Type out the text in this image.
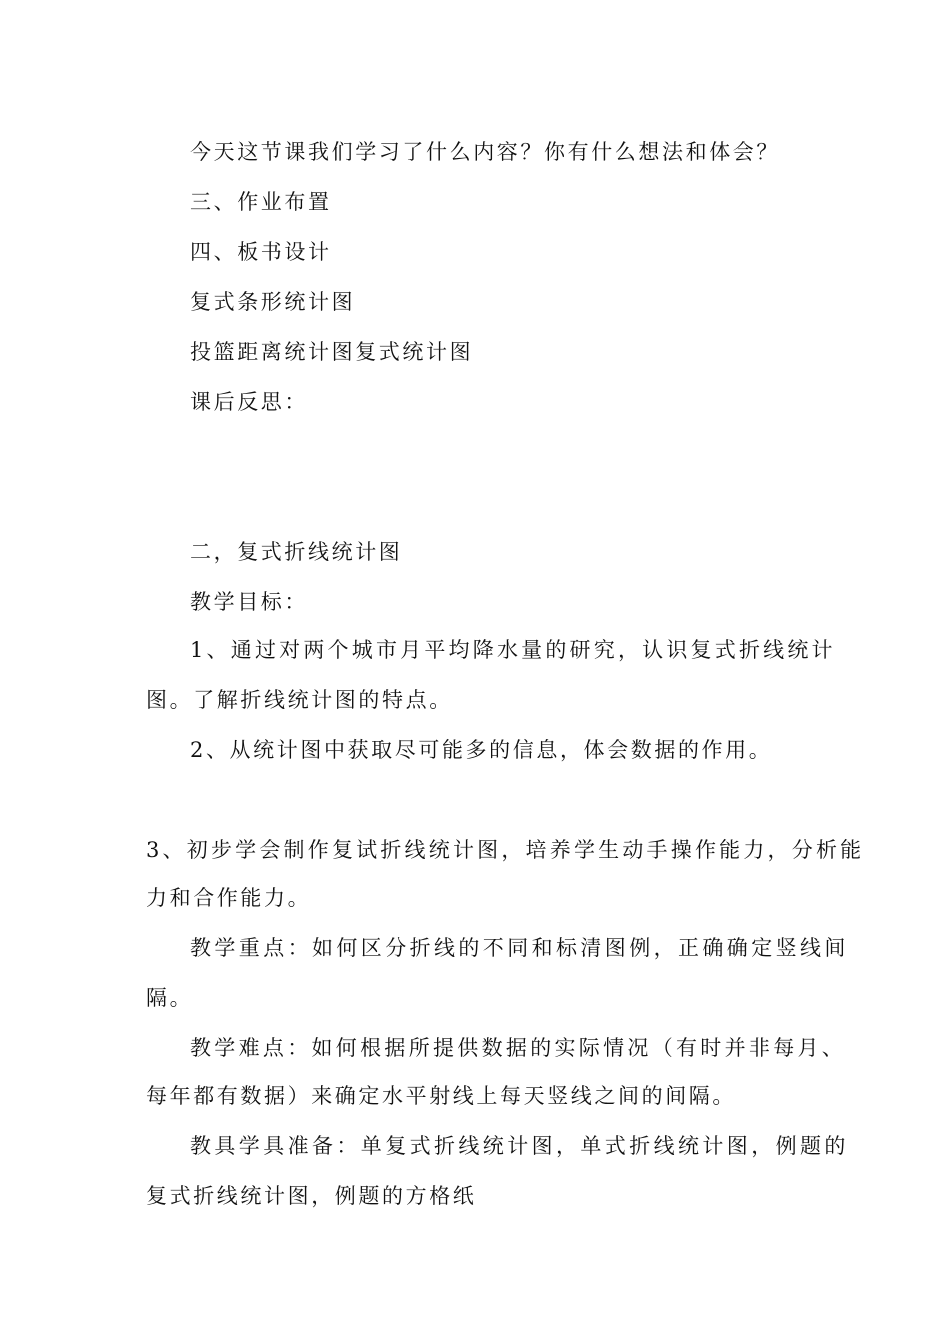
今天这节课我们学习了什么内容？你有什么想法和体会？
三、作业布置
四、板书设计
复式条形统计图
投篮距离统计图复式统计图
课后反思：
二，复式折线统计图
教学目标：
1、通过对两个城市月平均降水量的研究，认识复式折线统计
图。了解折线统计图的特点。
2、从统计图中获取尽可能多的信息，体会数据的作用。
3、初步学会制作复试折线统计图，培养学生动手操作能力，分析能
力和合作能力。
教学重点：如何区分折线的不同和标清图例，正确确定竖线间
隔。
教学难点：如何根据所提供数据的实际情况（有时并非每月、
每年都有数据）来确定水平射线上每天竖线之间的间隔。
教具学具准备：单复式折线统计图，单式折线统计图，例题的
复式折线统计图，例题的方格纸
